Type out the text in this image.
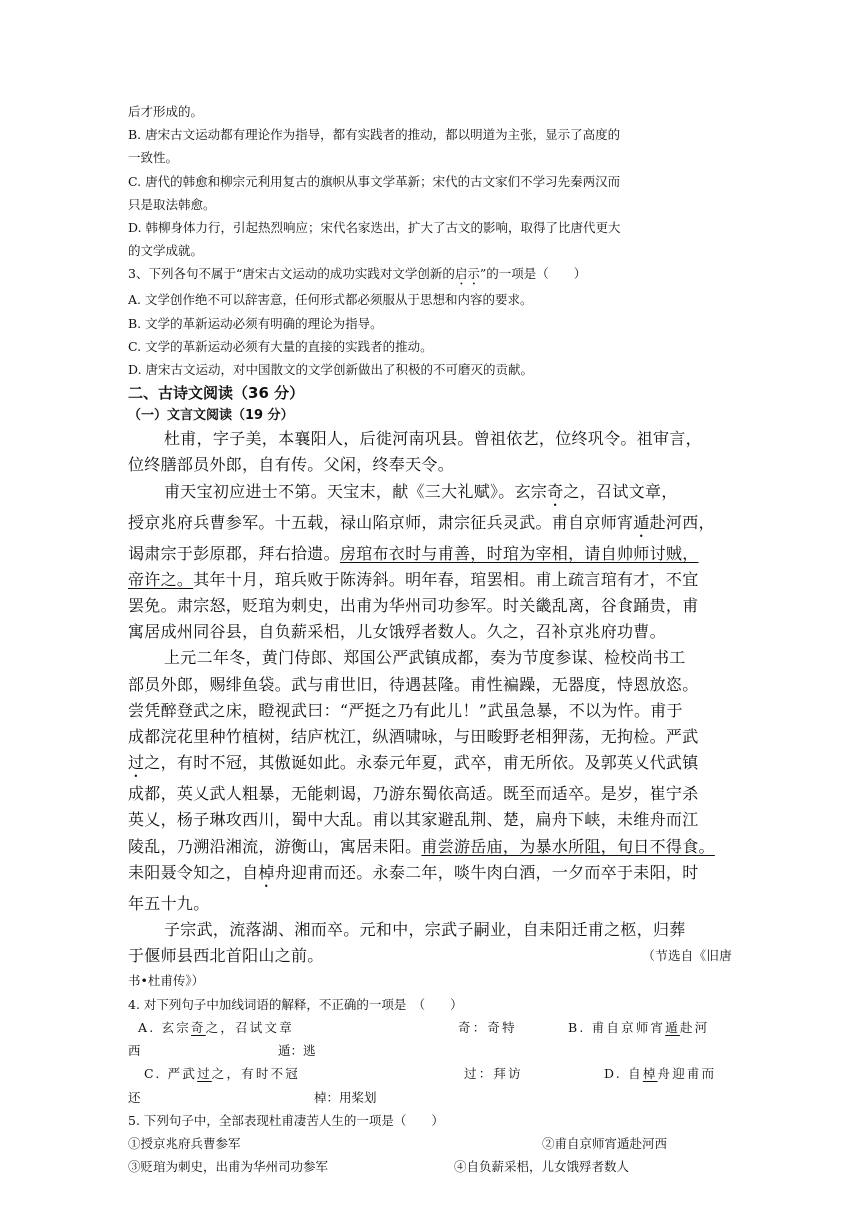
后才形成的。
B. 唐宋古文运动都有理论作为指导，都有实践者的推动，都以明道为主张，显示了高度的
一致性。
C. 唐代的韩愈和柳宗元利用复古的旗帜从事文学革新；宋代的古文家们不学习先秦两汉而
只是取法韩愈。
D. 韩柳身体力行，引起热烈响应；宋代名家迭出，扩大了古文的影响，取得了比唐代更大
的文学成就。
3、下列各句不属于“唐宋古文运动的成功实践对文学创新的启示”的一项是（　　）
A. 文学创作绝不可以辞害意，任何形式都必须服从于思想和内容的要求。
B. 文学的革新运动必须有明确的理论为指导。
C. 文学的革新运动必须有大量的直接的实践者的推动。
D. 唐宋古文运动，对中国散文的文学创新做出了积极的不可磨灭的贡献。
二、古诗文阅读（36 分）
（一）文言文阅读（19 分）
杜甫，字子美，本襄阳人，后徙河南巩县。曾祖依艺，位终巩令。祖审言，
位终膳部员外郎，自有传。父闲，终奉天令。
甫天宝初应进士不第。天宝末，献《三大礼赋》。玄宗奇之，召试文章，
授京兆府兵曹参军。十五载，禄山陷京师，肃宗征兵灵武。甫自京师宵遁赴河西，
谒肃宗于彭原郡，拜右拾遗。房琯布衣时与甫善，时琯为宰相，请自帅师讨贼，
帝许之。其年十月，琯兵败于陈涛斜。明年春，琯罢相。甫上疏言琯有才，不宜
罢免。肃宗怒，贬琯为刺史，出甫为华州司功参军。时关畿乱离，谷食踊贵，甫
寓居成州同谷县，自负薪采梠，儿女饿殍者数人。久之，召补京兆府功曹。
上元二年冬，黄门侍郎、郑国公严武镇成都，奏为节度参谋、检校尚书工
部员外郎，赐绯鱼袋。武与甫世旧，待遇甚隆。甫性褊躁，无器度，恃恩放恣。
尝凭醉登武之床，瞪视武曰：“严挺之乃有此儿！”武虽急暴，不以为忤。甫于
成都浣花里种竹植树，结庐枕江，纵酒啸咏，与田畯野老相狎荡，无拘检。严武
过之，有时不冠，其傲诞如此。永泰元年夏，武卒，甫无所依。及郭英乂代武镇
成都，英乂武人粗暴，无能刺谒，乃游东蜀依高适。既至而适卒。是岁，崔宁杀
英乂，杨子琳攻西川，蜀中大乱。甫以其家避乱荆、楚，扁舟下峡，未维舟而江
陵乱，乃溯沿湘流，游衡山，寓居耒阳。甫尝游岳庙，为暴水所阻，旬日不得食。
耒阳聂令知之，自棹舟迎甫而还。永泰二年，啖牛肉白酒，一夕而卒于耒阳，时
年五十九。
子宗武，流落湖、湘而卒。元和中，宗武子嗣业，自耒阳迁甫之柩，归葬
于偃师县西北首阳山之前。	（节选自《旧唐
书•杜甫传》）
4. 对下列句子中加线词语的解释，不正确的一项是　（　　）
A. 玄宗奇之，召试文章	奇：奇特	B. 甫自京师宵遁赴河
西	遁：逃
C. 严武过之，有时不冠	过：拜访	D. 自棹舟迎甫而
还	棹：用桨划
5. 下列句子中，全部表现杜甫凄苦人生的一项是（　　）
①授京兆府兵曹参军	②甫自京师宵遁赴河西
③贬琯为刺史，出甫为华州司功参军	④自负薪采梠，儿女饿殍者数人
